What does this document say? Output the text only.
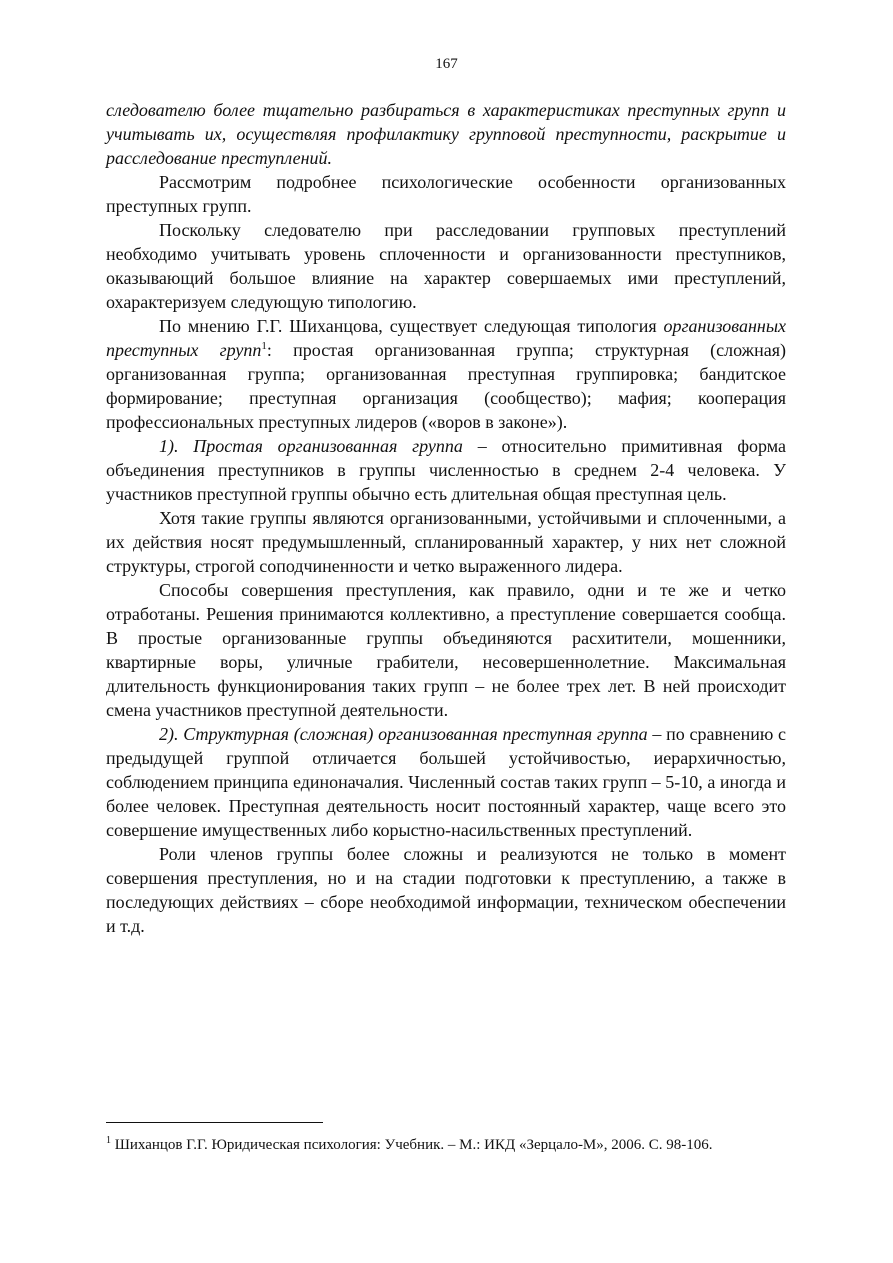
167

следователю более тщательно разбираться в характеристиках преступных групп и учитывать их, осуществляя профилактику групповой преступности, раскрытие и расследование преступлений.

Рассмотрим подробнее психологические особенности организованных преступных групп.

Поскольку следователю при расследовании групповых преступлений необходимо учитывать уровень сплоченности и организованности преступников, оказывающий большое влияние на характер совершаемых ими преступлений, охарактеризуем следующую типологию.

По мнению Г.Г. Шиханцова, существует следующая типология организованных преступных групп$^1$: простая организованная группа; структурная (сложная) организованная группа; организованная преступная группировка; бандитское формирование; преступная организация (сообщество); мафия; кооперация профессиональных преступных лидеров («воров в законе»).

1). Простая организованная группа – относительно примитивная форма объединения преступников в группы численностью в среднем 2-4 человека. У участников преступной группы обычно есть длительная общая преступная цель.

Хотя такие группы являются организованными, устойчивыми и сплоченными, а их действия носят предумышленный, спланированный характер, у них нет сложной структуры, строгой соподчиненности и четко выраженного лидера.

Способы совершения преступления, как правило, одни и те же и четко отработаны. Решения принимаются коллективно, а преступление совершается сообща. В простые организованные группы объединяются расхитители, мошенники, квартирные воры, уличные грабители, несовершеннолетние. Максимальная длительность функционирования таких групп – не более трех лет. В ней происходит смена участников преступной деятельности.

2). Структурная (сложная) организованная преступная группа – по сравнению с предыдущей группой отличается большей устойчивостью, иерархичностью, соблюдением принципа единоначалия. Численный состав таких групп – 5-10, а иногда и более человек. Преступная деятельность носит постоянный характер, чаще всего это совершение имущественных либо корыстно-насильственных преступлений.

Роли членов группы более сложны и реализуются не только в момент совершения преступления, но и на стадии подготовки к преступлению, а также в последующих действиях – сборе необходимой информации, техническом обеспечении и т.д.

$^1$ Шиханцов Г.Г. Юридическая психология: Учебник. – М.: ИКД «Зерцало-М», 2006. С. 98-106.
